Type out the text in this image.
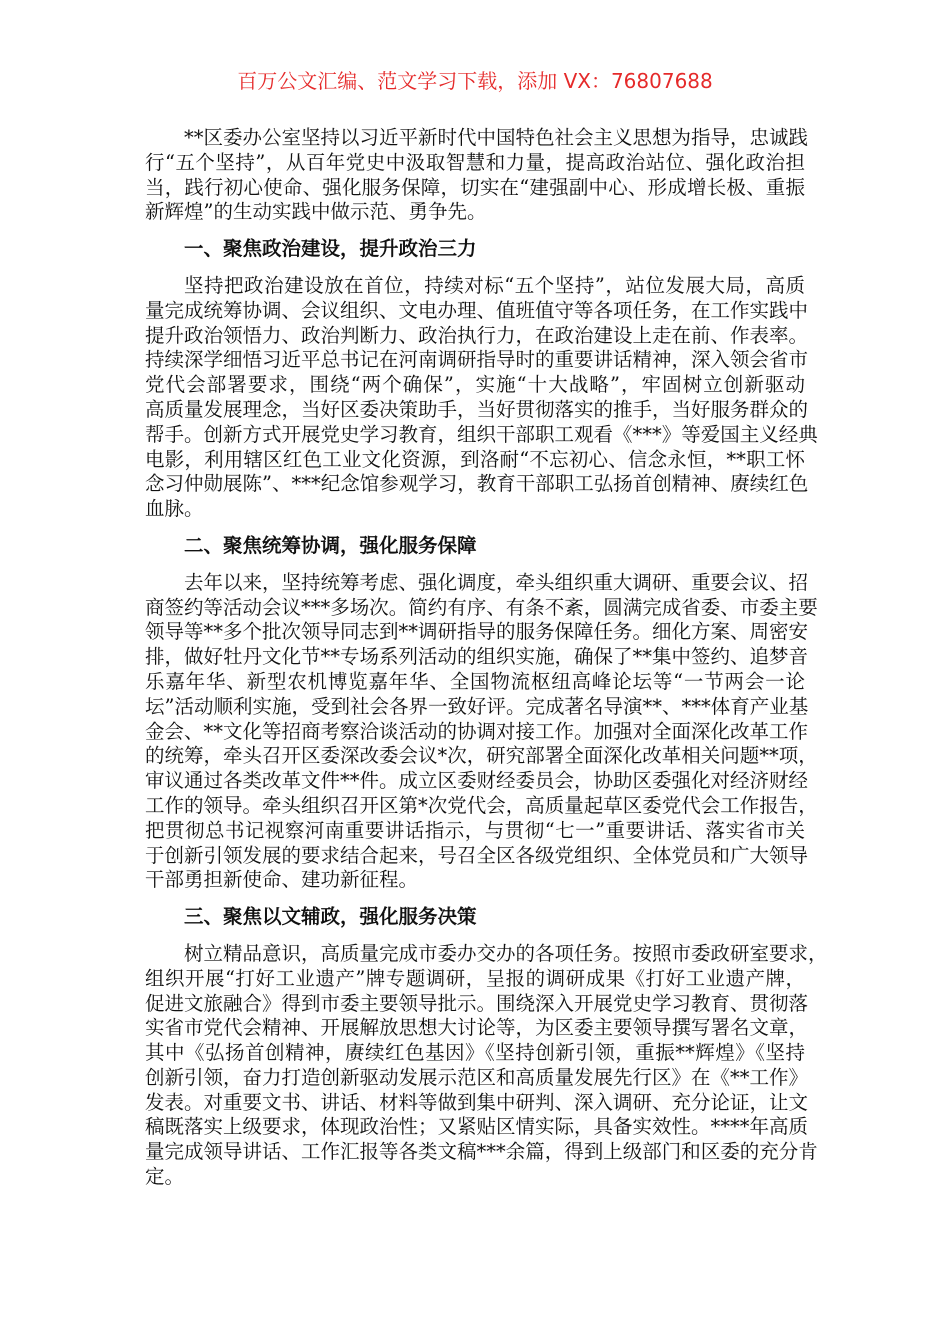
百万公文汇编、范文学习下载，添加 VX：76807688
**区委办公室坚持以习近平新时代中国特色社会主义思想为指导，忠诚践
行“五个坚持”，从百年党史中汲取智慧和力量，提高政治站位、强化政治担
当，践行初心使命、强化服务保障，切实在“建强副中心、形成增长极、重振
新辉煌”的生动实践中做示范、勇争先。
一、聚焦政治建设，提升政治三力
坚持把政治建设放在首位，持续对标“五个坚持”，站位发展大局，高质
量完成统筹协调、会议组织、文电办理、值班值守等各项任务，在工作实践中
提升政治领悟力、政治判断力、政治执行力，在政治建设上走在前、作表率。
持续深学细悟习近平总书记在河南调研指导时的重要讲话精神，深入领会省市
党代会部署要求，围绕“两个确保”，实施“十大战略”，牢固树立创新驱动
高质量发展理念，当好区委决策助手，当好贯彻落实的推手，当好服务群众的
帮手。创新方式开展党史学习教育，组织干部职工观看《***》等爱国主义经典
电影，利用辖区红色工业文化资源，到洛耐“不忘初心、信念永恒，**职工怀
念习仲勋展陈”、***纪念馆参观学习，教育干部职工弘扬首创精神、赓续红色
血脉。
二、聚焦统筹协调，强化服务保障
去年以来，坚持统筹考虑、强化调度，牵头组织重大调研、重要会议、招
商签约等活动会议***多场次。简约有序、有条不紊，圆满完成省委、市委主要
领导等**多个批次领导同志到**调研指导的服务保障任务。细化方案、周密安
排，做好牡丹文化节**专场系列活动的组织实施，确保了**集中签约、追梦音
乐嘉年华、新型农机博览嘉年华、全国物流枢纽高峰论坛等“一节两会一论
坛”活动顺利实施，受到社会各界一致好评。完成著名导演**、***体育产业基
金会、**文化等招商考察洽谈活动的协调对接工作。加强对全面深化改革工作
的统筹，牵头召开区委深改委会议*次，研究部署全面深化改革相关问题**项，
审议通过各类改革文件**件。成立区委财经委员会，协助区委强化对经济财经
工作的领导。牵头组织召开区第*次党代会，高质量起草区委党代会工作报告，
把贯彻总书记视察河南重要讲话指示，与贯彻“七一”重要讲话、落实省市关
于创新引领发展的要求结合起来，号召全区各级党组织、全体党员和广大领导
干部勇担新使命、建功新征程。
三、聚焦以文辅政，强化服务决策
树立精品意识，高质量完成市委办交办的各项任务。按照市委政研室要求，
组织开展“打好工业遗产”牌专题调研，呈报的调研成果《打好工业遗产牌，
促进文旅融合》得到市委主要领导批示。围绕深入开展党史学习教育、贯彻落
实省市党代会精神、开展解放思想大讨论等，为区委主要领导撰写署名文章，
其中《弘扬首创精神，赓续红色基因》《坚持创新引领，重振**辉煌》《坚持
创新引领，奋力打造创新驱动发展示范区和高质量发展先行区》在《**工作》
发表。对重要文书、讲话、材料等做到集中研判、深入调研、充分论证，让文
稿既落实上级要求，体现政治性；又紧贴区情实际，具备实效性。****年高质
量完成领导讲话、工作汇报等各类文稿***余篇，得到上级部门和区委的充分肯
定。
